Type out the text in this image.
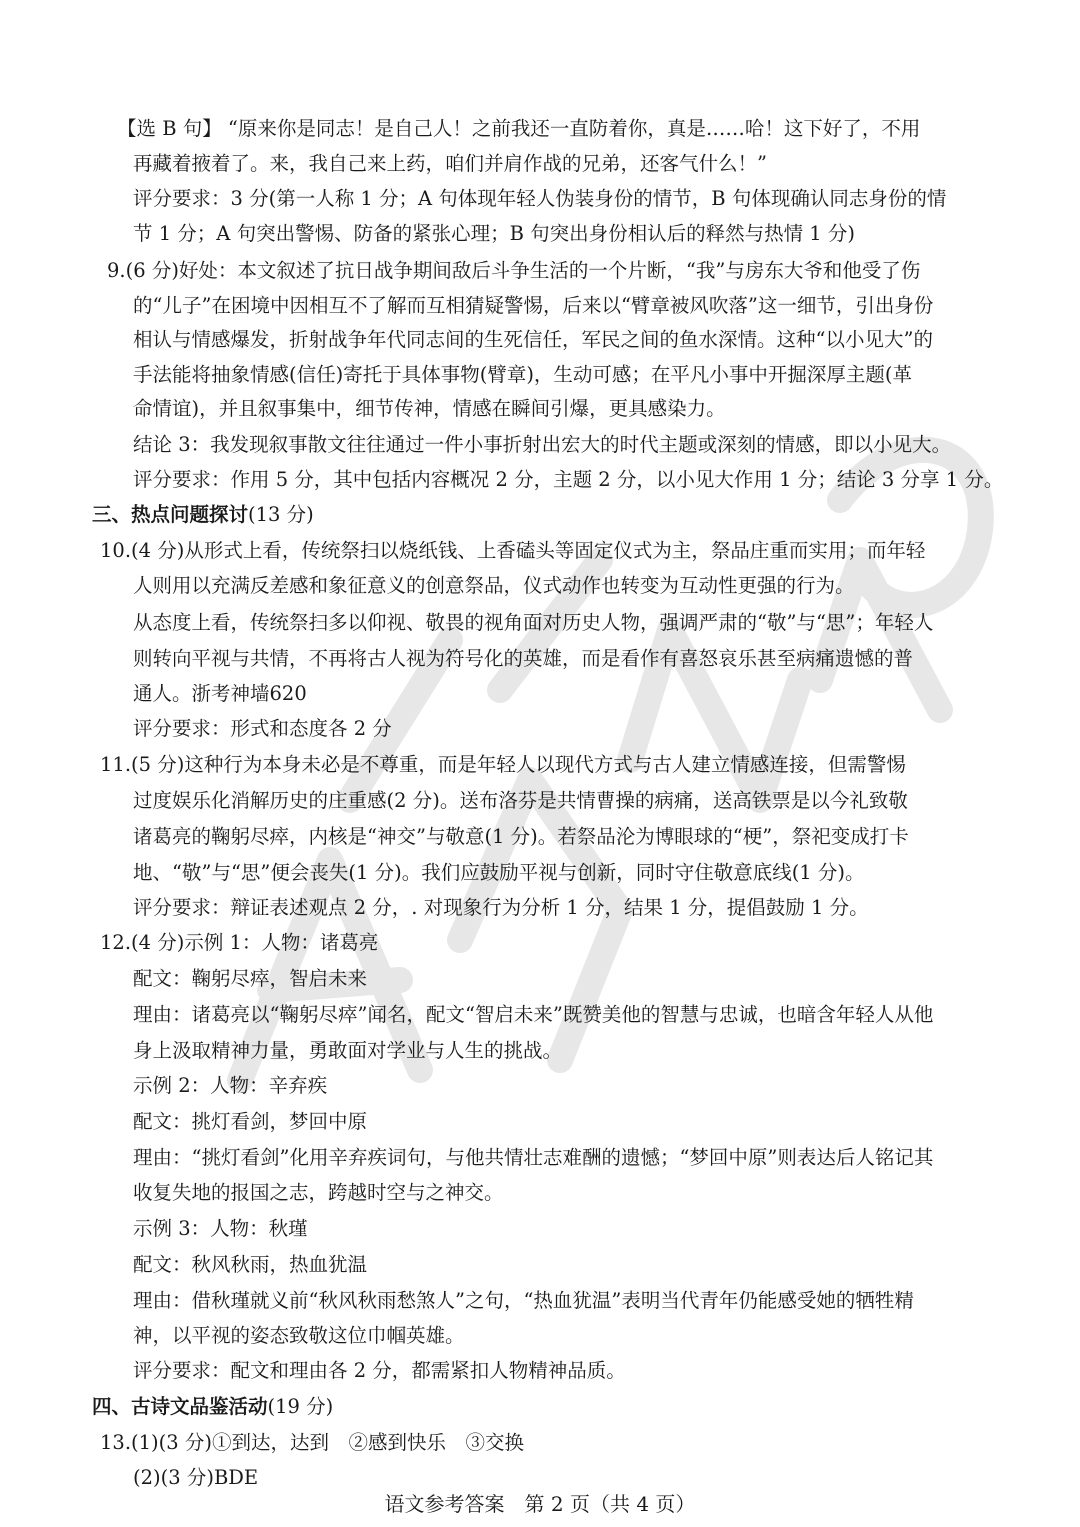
【选 B 句】 “原来你是同志！是自己人！之前我还一直防着你，真是……哈！这下好了，不用
再藏着掖着了。来，我自己来上药，咱们并肩作战的兄弟，还客气什么！”
评分要求：3 分(第一人称 1 分；A 句体现年轻人伪装身份的情节，B 句体现确认同志身份的情
节 1 分；A 句突出警惕、防备的紧张心理；B 句突出身份相认后的释然与热情 1 分)
9.(6 分)好处：本文叙述了抗日战争期间敌后斗争生活的一个片断，“我”与房东大爷和他受了伤
的“儿子”在困境中因相互不了解而互相猜疑警惕，后来以“臂章被风吹落”这一细节，引出身份
相认与情感爆发，折射战争年代同志间的生死信任，军民之间的鱼水深情。这种“以小见大”的
手法能将抽象情感(信任)寄托于具体事物(臂章)，生动可感；在平凡小事中开掘深厚主题(革
命情谊)，并且叙事集中，细节传神，情感在瞬间引爆，更具感染力。
结论 3：我发现叙事散文往往通过一件小事折射出宏大的时代主题或深刻的情感，即以小见大。
评分要求：作用 5 分，其中包括内容概况 2 分，主题 2 分，以小见大作用 1 分；结论 3 分享 1 分。
三、热点问题探讨(13 分)
10.(4 分)从形式上看，传统祭扫以烧纸钱、上香磕头等固定仪式为主，祭品庄重而实用；而年轻
人则用以充满反差感和象征意义的创意祭品，仪式动作也转变为互动性更强的行为。
从态度上看，传统祭扫多以仰视、敬畏的视角面对历史人物，强调严肃的“敬”与“思”；年轻人
则转向平视与共情，不再将古人视为符号化的英雄，而是看作有喜怒哀乐甚至病痛遗憾的普
通人。浙考神墙620
评分要求：形式和态度各 2 分
11.(5 分)这种行为本身未必是不尊重，而是年轻人以现代方式与古人建立情感连接，但需警惕
过度娱乐化消解历史的庄重感(2 分)。送布洛芬是共情曹操的病痛，送高铁票是以今礼致敬
诸葛亮的鞠躬尽瘁，内核是“神交”与敬意(1 分)。若祭品沦为博眼球的“梗”，祭祀变成打卡
地、“敬”与“思”便会丧失(1 分)。我们应鼓励平视与创新，同时守住敬意底线(1 分)。
评分要求：辩证表述观点 2 分，. 对现象行为分析 1 分，结果 1 分，提倡鼓励 1 分。
12.(4 分)示例 1：人物：诸葛亮
配文：鞠躬尽瘁，智启未来
理由：诸葛亮以“鞠躬尽瘁”闻名，配文“智启未来”既赞美他的智慧与忠诚，也暗含年轻人从他
身上汲取精神力量，勇敢面对学业与人生的挑战。
示例 2：人物：辛弃疾
配文：挑灯看剑，梦回中原
理由：“挑灯看剑”化用辛弃疾词句，与他共情壮志难酬的遗憾；“梦回中原”则表达后人铭记其
收复失地的报国之志，跨越时空与之神交。
示例 3：人物：秋瑾
配文：秋风秋雨，热血犹温
理由：借秋瑾就义前“秋风秋雨愁煞人”之句，“热血犹温”表明当代青年仍能感受她的牺牲精
神，以平视的姿态致敬这位巾帼英雄。
评分要求：配文和理由各 2 分，都需紧扣人物精神品质。
四、古诗文品鉴活动(19 分)
13.(1)(3 分)①到达，达到　②感到快乐　③交换
(2)(3 分)BDE
语文参考答案　第 2 页（共 4 页）
